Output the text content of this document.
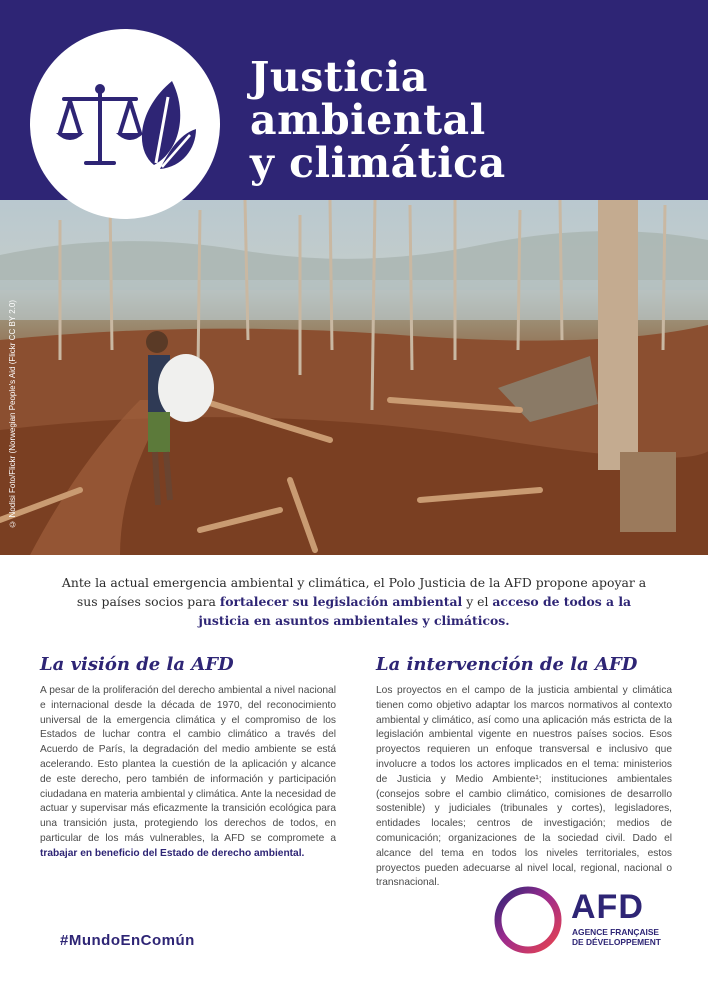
Justicia
ambiental
y climática
© Nodisi Foto/Flickr (Norwegian People's Aid (Flickr CC BY 2.0)

Ante la actual emergencia ambiental y climática, el Polo Justicia de la AFD propone apoyar a sus países socios para fortalecer su legislación ambiental y el acceso de todos a la justicia en asuntos ambientales y climáticos.

La visión de la AFD

A pesar de la proliferación del derecho ambiental a nivel nacional e internacional desde la década de 1970, del reconocimiento universal de la emergencia climática y el compromiso de los Estados de luchar contra el cambio climático a través del Acuerdo de París, la degradación del medio ambiente se está acelerando. Esto plantea la cuestión de la aplicación y alcance de este derecho, pero también de información y participación ciudadana en materia ambiental y climática. Ante la necesidad de actuar y supervisar más eficazmente la transición ecológica para una transición justa, protegiendo los derechos de todos, en particular de los más vulnerables, la AFD se compromete a trabajar en beneficio del Estado de derecho ambiental.

La intervención de la AFD

Los proyectos en el campo de la justicia ambiental y climática tienen como objetivo adaptar los marcos normativos al contexto ambiental y climático, así como una aplicación más estricta de la legislación ambiental vigente en nuestros países socios. Esos proyectos requieren un enfoque transversal e inclusivo que involucre a todos los actores implicados en el tema: ministerios de Justicia y Medio Ambiente¹; instituciones ambientales (consejos sobre el cambio climático, comisiones de desarrollo sostenible) y judiciales (tribunales y cortes), legisladores, entidades locales; centros de investigación; medios de comunicación; organizaciones de la sociedad civil. Dado el alcance del tema en todos los niveles territoriales, estos proyectos pueden adecuarse al nivel local, regional, nacional o transnacional.

#MundoEnComún
AFD
AGENCE FRANÇAISE
DE DÉVELOPPEMENT
